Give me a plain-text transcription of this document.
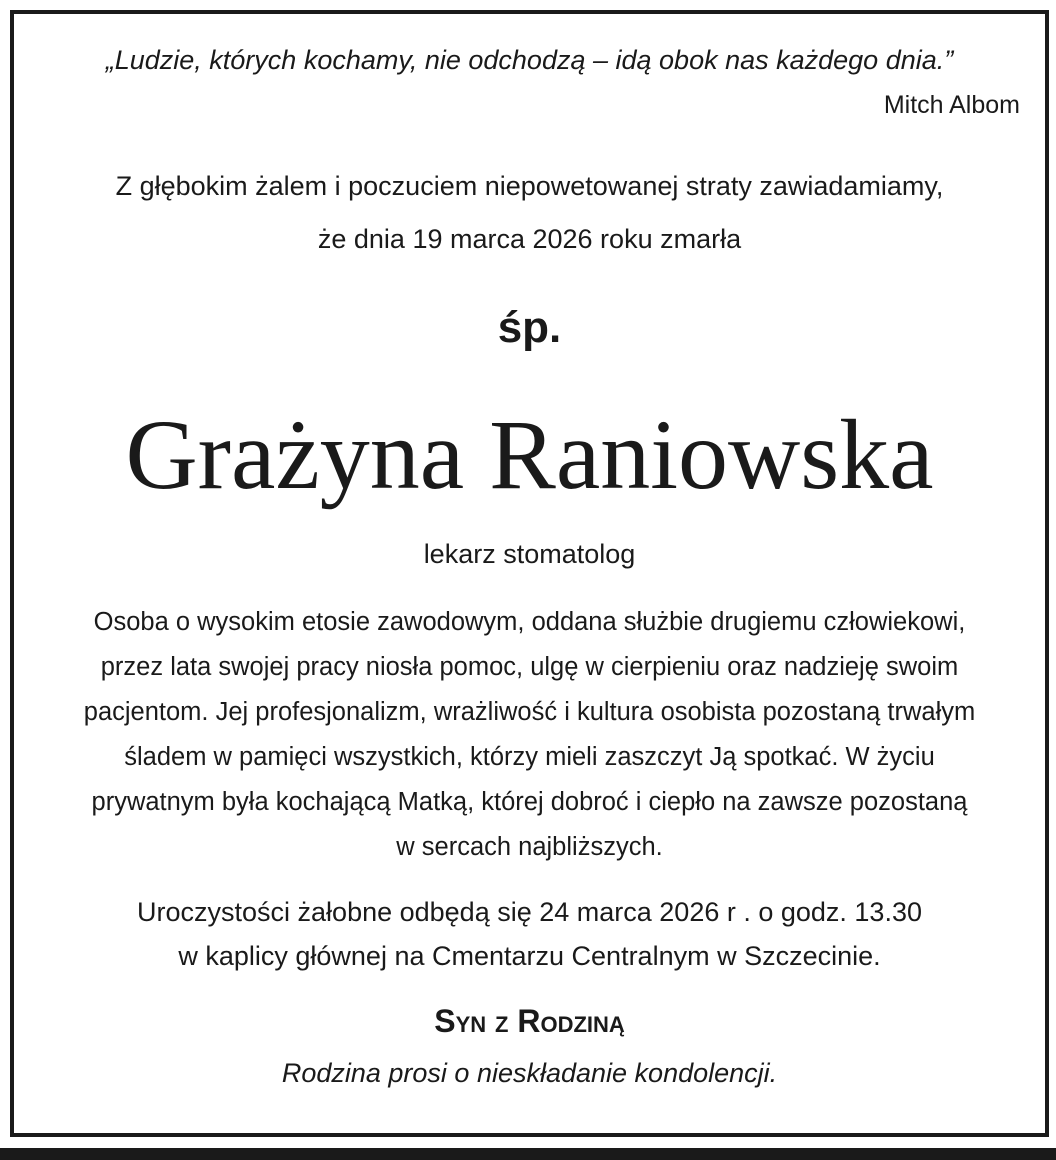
„Ludzie, których kochamy, nie odchodzą – idą obok nas każdego dnia.”
Mitch Albom
Z głębokim żalem i poczuciem niepowetowanej straty zawiadamiamy,
że dnia 19 marca 2026 roku zmarła
śp.
Grażyna Raniowska
lekarz stomatolog
Osoba o wysokim etosie zawodowym, oddana służbie drugiemu człowiekowi,
przez lata swojej pracy niosła pomoc, ulgę w cierpieniu oraz nadzieję swoim
pacjentom. Jej profesjonalizm, wrażliwość i kultura osobista pozostaną trwałym
śladem w pamięci wszystkich, którzy mieli zaszczyt Ją spotkać. W życiu
prywatnym była kochającą Matką, której dobroć i ciepło na zawsze pozostaną
w sercach najbliższych.
Uroczystości żałobne odbędą się 24 marca 2026 r . o godz. 13.30
w kaplicy głównej na Cmentarzu Centralnym w Szczecinie.
Syn z Rodziną
Rodzina prosi o nieskładanie kondolencji.
